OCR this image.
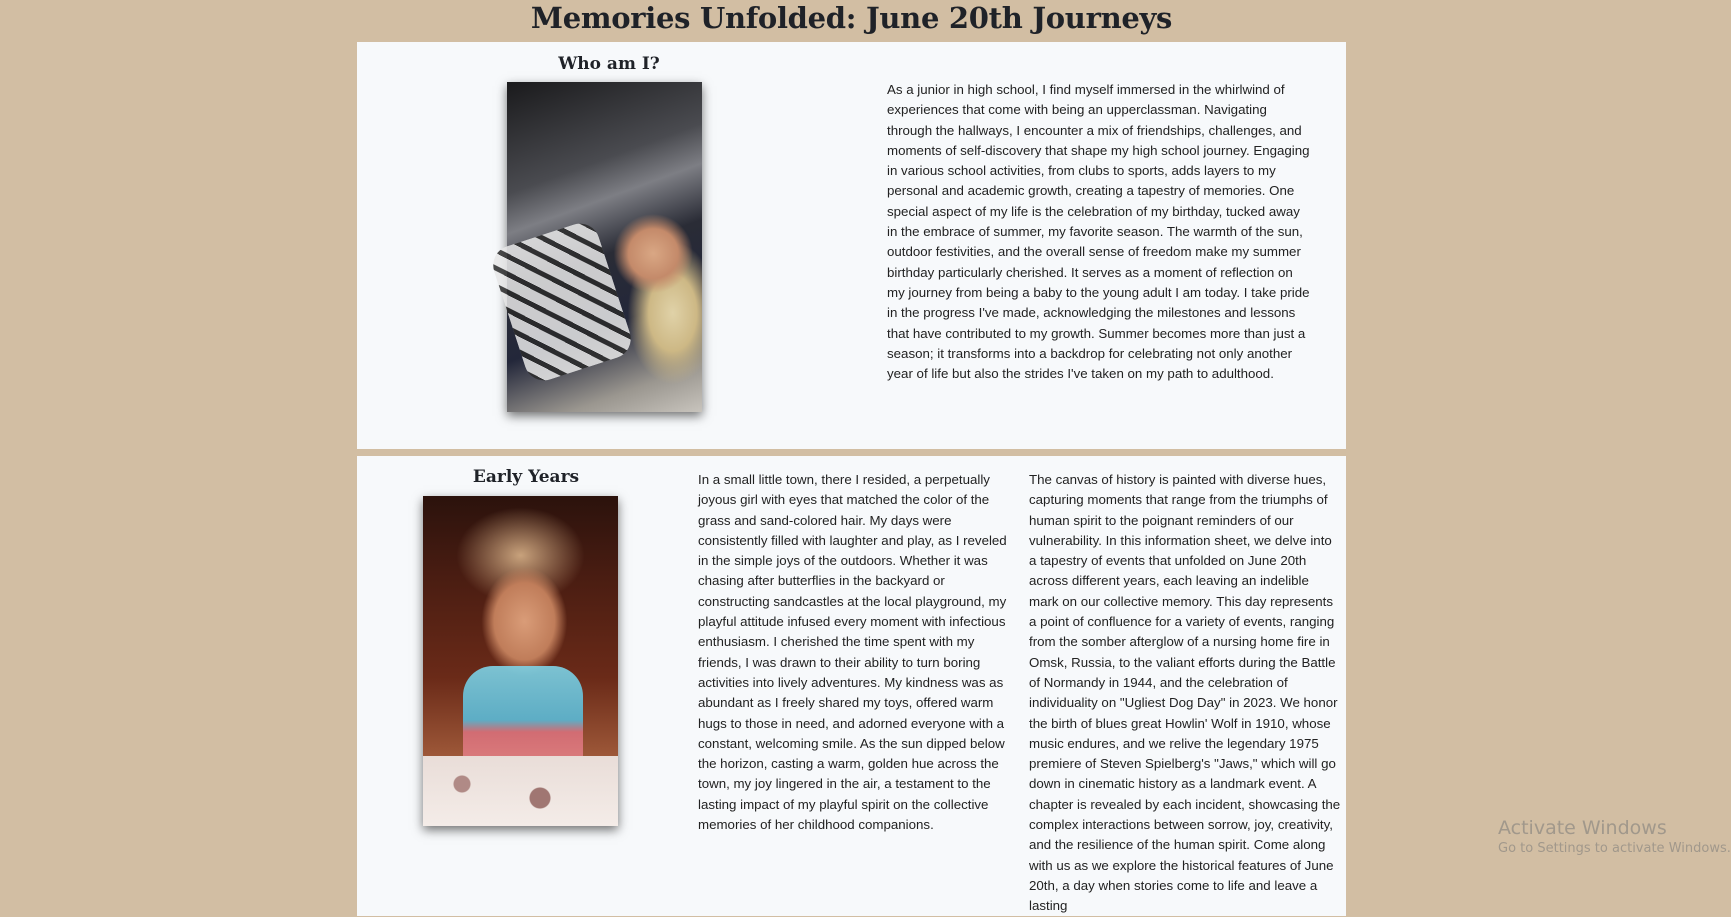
Memories Unfolded: June 20th Journeys
Who am I?

As a junior in high school, I find myself immersed in the whirlwind of experiences that come with being an upperclassman. Navigating through the hallways, I encounter a mix of friendships, challenges, and moments of self-discovery that shape my high school journey. Engaging in various school activities, from clubs to sports, adds layers to my personal and academic growth, creating a tapestry of memories. One special aspect of my life is the celebration of my birthday, tucked away in the embrace of summer, my favorite season. The warmth of the sun, outdoor festivities, and the overall sense of freedom make my summer birthday particularly cherished. It serves as a moment of reflection on my journey from being a baby to the young adult I am today. I take pride in the progress I've made, acknowledging the milestones and lessons that have contributed to my growth. Summer becomes more than just a season; it transforms into a backdrop for celebrating not only another year of life but also the strides I've taken on my path to adulthood.

Early Years	In a small little town, there I resided, a perpetually joyous girl with eyes that matched the color of the grass and sand-colored hair. My days were consistently filled with laughter and play, as I reveled in the simple joys of the outdoors. Whether it was chasing after butterflies in the backyard or constructing sandcastles at the local playground, my playful attitude infused every moment with infectious enthusiasm. I cherished the time spent with my friends, I was drawn to their ability to turn boring activities into lively adventures. My kindness was as abundant as I freely shared my toys, offered warm hugs to those in need, and adorned everyone with a constant, welcoming smile. As the sun dipped below the horizon, casting a warm, golden hue across the town, my joy lingered in the air, a testament to the lasting impact of my playful spirit on the collective memories of her childhood companions.

The canvas of history is painted with diverse hues, capturing moments that range from the triumphs of human spirit to the poignant reminders of our vulnerability. In this information sheet, we delve into a tapestry of events that unfolded on June 20th across different years, each leaving an indelible mark on our collective memory. This day represents a point of confluence for a variety of events, ranging from the somber afterglow of a nursing home fire in Omsk, Russia, to the valiant efforts during the Battle of Normandy in 1944, and the celebration of individuality on "Ugliest Dog Day" in 2023. We honor the birth of blues great Howlin' Wolf in 1910, whose music endures, and we relive the legendary 1975 premiere of Steven Spielberg's "Jaws," which will go down in cinematic history as a landmark event. A chapter is revealed by each incident, showcasing the complex interactions between sorrow, joy, creativity, and the resilience of the human spirit. Come along with us as we explore the historical features of June 20th, a day when stories come to life and leave a lasting

Activate Windows
Go to Settings to activate Windows.
